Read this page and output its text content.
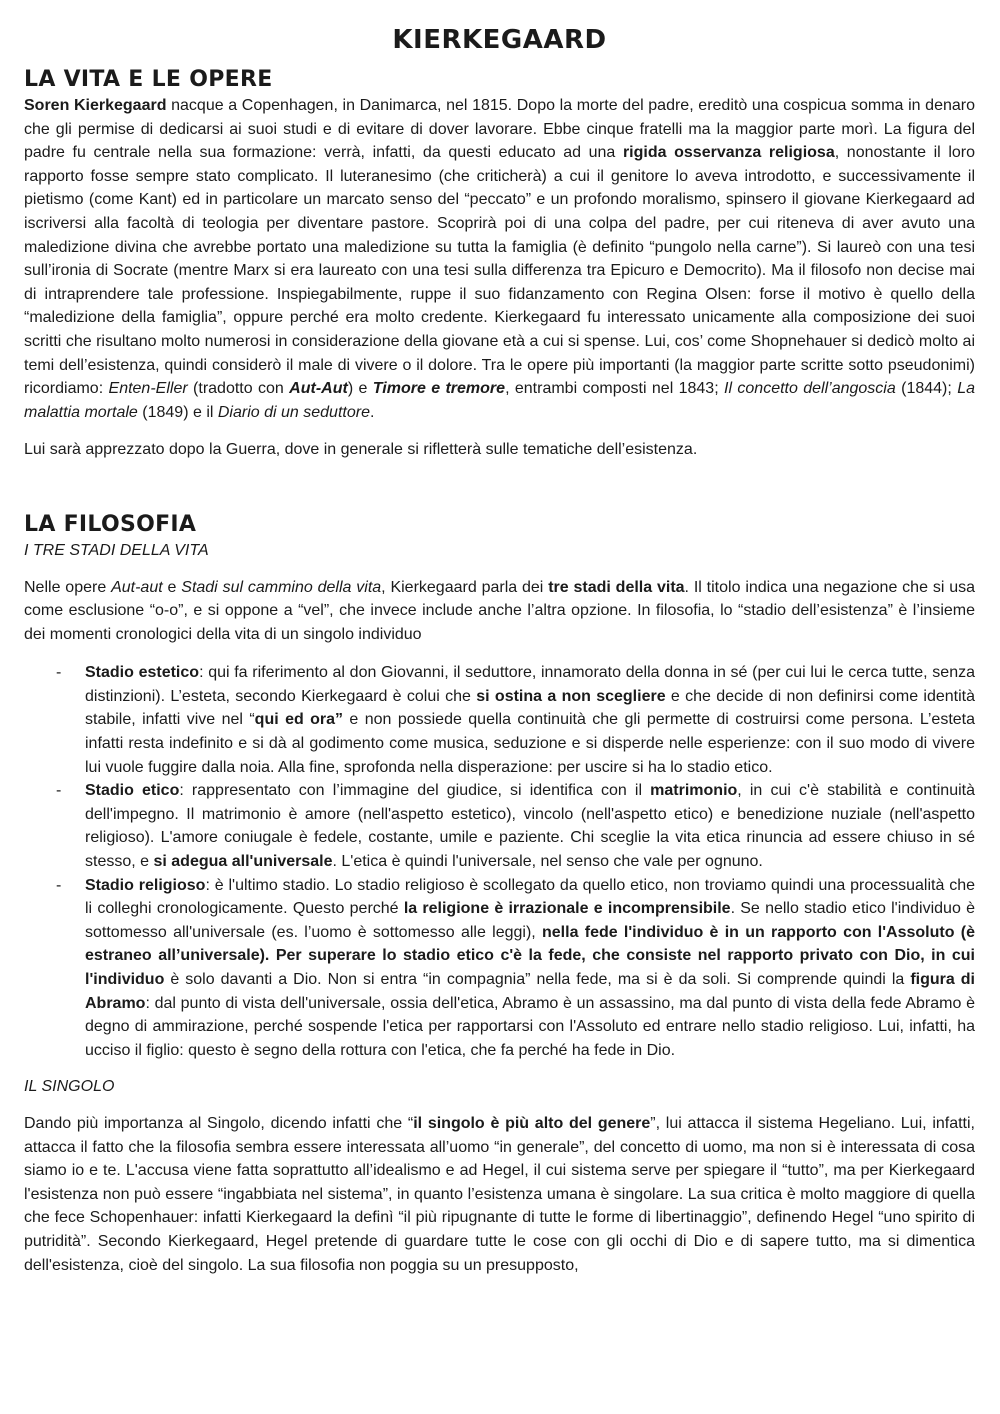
KIERKEGAARD
LA VITA E LE OPERE

Soren Kierkegaard nacque a Copenhagen, in Danimarca, nel 1815. Dopo la morte del padre, ereditò una cospicua somma in denaro che gli permise di dedicarsi ai suoi studi e di evitare di dover lavorare. Ebbe cinque fratelli ma la maggior parte morì. La figura del padre fu centrale nella sua formazione: verrà, infatti, da questi educato ad una rigida osservanza religiosa, nonostante il loro rapporto fosse sempre stato complicato. Il luteranesimo (che criticherà) a cui il genitore lo aveva introdotto, e successivamente il pietismo (come Kant) ed in particolare un marcato senso del “peccato” e un profondo moralismo, spinsero il giovane Kierkegaard ad iscriversi alla facoltà di teologia per diventare pastore. Scoprirà poi di una colpa del padre, per cui riteneva di aver avuto una maledizione divina che avrebbe portato una maledizione su tutta la famiglia (è definito “pungolo nella carne”). Si laureò con una tesi sull’ironia di Socrate (mentre Marx si era laureato con una tesi sulla differenza tra Epicuro e Democrito). Ma il filosofo non decise mai di intraprendere tale professione. Inspiegabilmente, ruppe il suo fidanzamento con Regina Olsen: forse il motivo è quello della “maledizione della famiglia”, oppure perché era molto credente. Kierkegaard fu interessato unicamente alla composizione dei suoi scritti che risultano molto numerosi in considerazione della giovane età a cui si spense. Lui, cos’ come Shopnehauer si dedicò molto ai temi dell’esistenza, quindi considerò il male di vivere o il dolore. Tra le opere più importanti (la maggior parte scritte sotto pseudonimi) ricordiamo: Enten-Eller (tradotto con Aut-Aut) e Timore e tremore, entrambi composti nel 1843; Il concetto dell’angoscia (1844); La malattia mortale (1849) e il Diario di un seduttore.

Lui sarà apprezzato dopo la Guerra, dove in generale si rifletterà sulle tematiche dell’esistenza.

LA FILOSOFIA
I TRE STADI DELLA VITA

Nelle opere Aut-aut e Stadi sul cammino della vita, Kierkegaard parla dei tre stadi della vita. Il titolo indica una negazione che si usa come esclusione “o-o”, e si oppone a “vel”, che invece include anche l’altra opzione. In filosofia, lo “stadio dell’esistenza” è l’insieme dei momenti cronologici della vita di un singolo individuo

- Stadio estetico: qui fa riferimento al don Giovanni, il seduttore, innamorato della donna in sé (per cui lui le cerca tutte, senza distinzioni). L’esteta, secondo Kierkegaard è colui che si ostina a non scegliere e che decide di non definirsi come identità stabile, infatti vive nel “qui ed ora” e non possiede quella continuità che gli permette di costruirsi come persona. L’esteta infatti resta indefinito e si dà al godimento come musica, seduzione e si disperde nelle esperienze: con il suo modo di vivere lui vuole fuggire dalla noia. Alla fine, sprofonda nella disperazione: per uscire si ha lo stadio etico.
- Stadio etico: rappresentato con l’immagine del giudice, si identifica con il matrimonio, in cui c'è stabilità e continuità dell'impegno. Il matrimonio è amore (nell'aspetto estetico), vincolo (nell'aspetto etico) e benedizione nuziale (nell'aspetto religioso). L'amore coniugale è fedele, costante, umile e paziente. Chi sceglie la vita etica rinuncia ad essere chiuso in sé stesso, e si adegua all'universale. L'etica è quindi l'universale, nel senso che vale per ognuno.
- Stadio religioso: è l'ultimo stadio. Lo stadio religioso è scollegato da quello etico, non troviamo quindi una processualità che li colleghi cronologicamente. Questo perché la religione è irrazionale e incomprensibile. Se nello stadio etico l'individuo è sottomesso all'universale (es. l’uomo è sottomesso alle leggi), nella fede l'individuo è in un rapporto con l'Assoluto (è estraneo all’universale). Per superare lo stadio etico c'è la fede, che consiste nel rapporto privato con Dio, in cui l'individuo è solo davanti a Dio. Non si entra “in compagnia” nella fede, ma si è da soli. Si comprende quindi la figura di Abramo: dal punto di vista dell'universale, ossia dell'etica, Abramo è un assassino, ma dal punto di vista della fede Abramo è degno di ammirazione, perché sospende l'etica per rapportarsi con l'Assoluto ed entrare nello stadio religioso. Lui, infatti, ha ucciso il figlio: questo è segno della rottura con l'etica, che fa perché ha fede in Dio.
IL SINGOLO

Dando più importanza al Singolo, dicendo infatti che “il singolo è più alto del genere”, lui attacca il sistema Hegeliano. Lui, infatti, attacca il fatto che la filosofia sembra essere interessata all’uomo “in generale”, del concetto di uomo, ma non si è interessata di cosa siamo io e te. L'accusa viene fatta soprattutto all’idealismo e ad Hegel, il cui sistema serve per spiegare il “tutto”, ma per Kierkegaard l'esistenza non può essere “ingabbiata nel sistema”, in quanto l’esistenza umana è singolare. La sua critica è molto maggiore di quella che fece Schopenhauer: infatti Kierkegaard la definì “il più ripugnante di tutte le forme di libertinaggio”, definendo Hegel “uno spirito di putridità”. Secondo Kierkegaard, Hegel pretende di guardare tutte le cose con gli occhi di Dio e di sapere tutto, ma si dimentica dell'esistenza, cioè del singolo. La sua filosofia non poggia su un presupposto,
